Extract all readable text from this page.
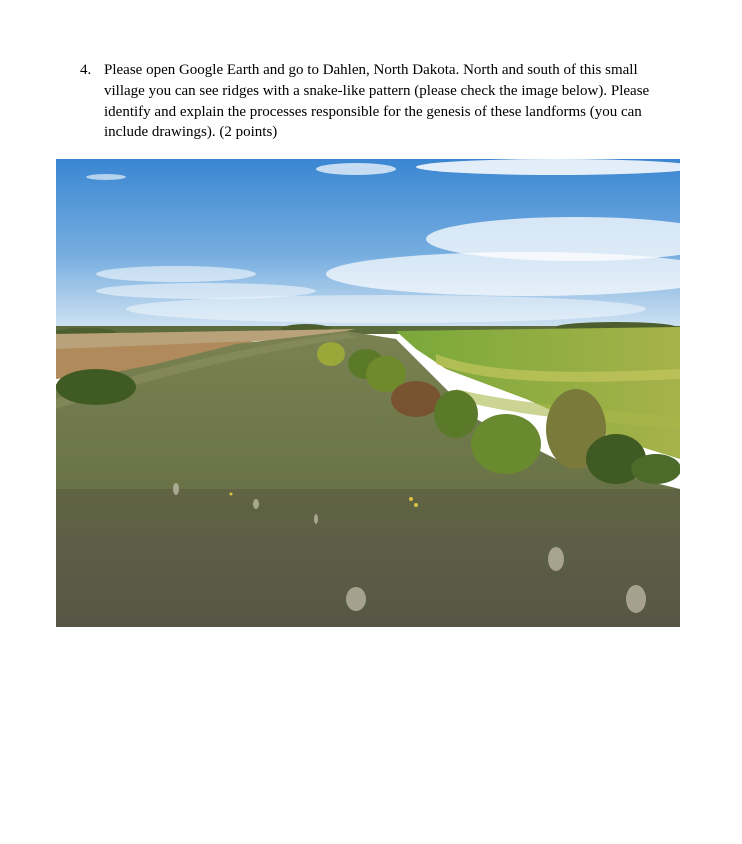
4. Please open Google Earth and go to Dahlen, North Dakota. North and south of this small village you can see ridges with a snake-like pattern (please check the image below). Please identify and explain the processes responsible for the genesis of these landforms (you can include drawings). (2 points)
